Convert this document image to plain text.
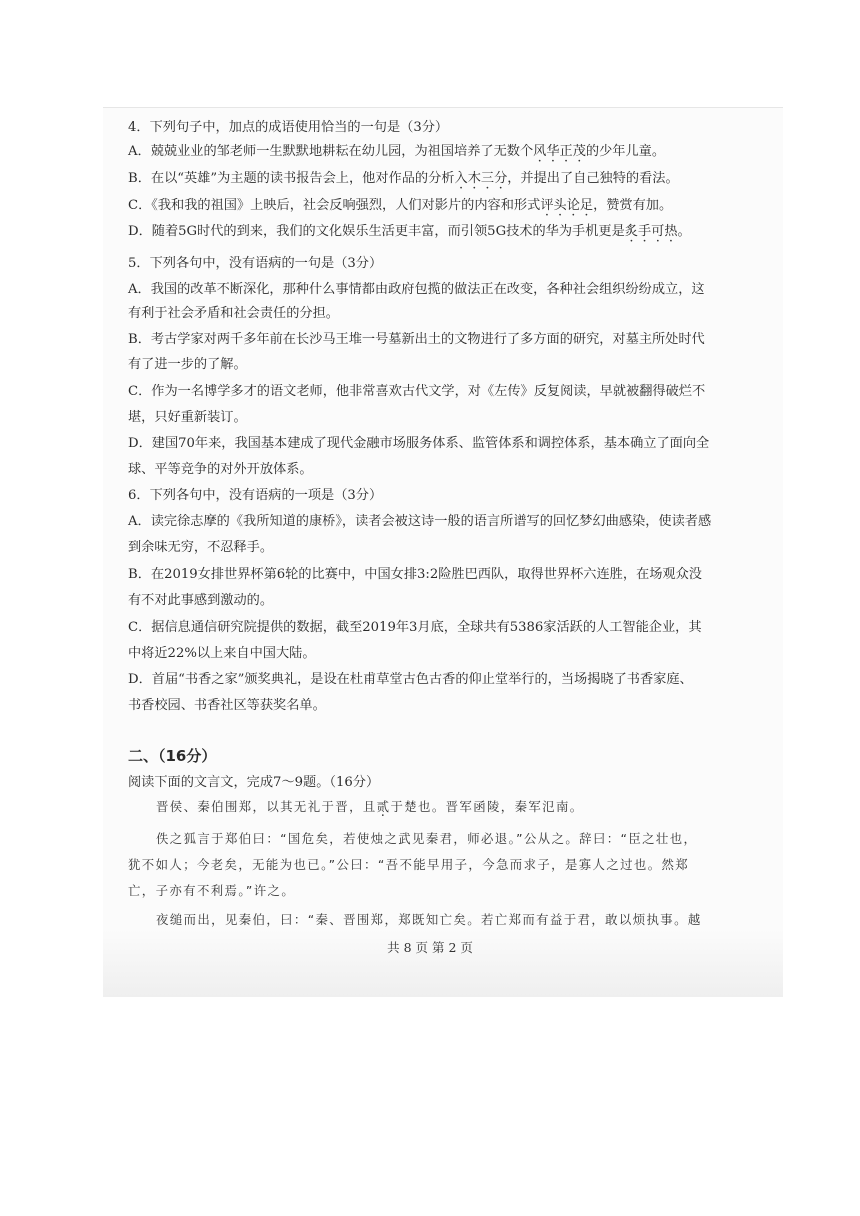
4．下列句子中，加点的成语使用恰当的一句是（3分）
A．兢兢业业的邹老师一生默默地耕耘在幼儿园，为祖国培养了无数个风华正茂的少年儿童。
B．在以“英雄”为主题的读书报告会上，他对作品的分析入木三分，并提出了自己独特的看法。
C．《我和我的祖国》上映后，社会反响强烈，人们对影片的内容和形式评头论足，赞赏有加。
D．随着5G时代的到来，我们的文化娱乐生活更丰富，而引领5G技术的华为手机更是炙手可热。
5．下列各句中，没有语病的一句是（3分）
A．我国的改革不断深化，那种什么事情都由政府包揽的做法正在改变，各种社会组织纷纷成立，这
有利于社会矛盾和社会责任的分担。
B．考古学家对两千多年前在长沙马王堆一号墓新出土的文物进行了多方面的研究，对墓主所处时代
有了进一步的了解。
C．作为一名博学多才的语文老师，他非常喜欢古代文学，对《左传》反复阅读，早就被翻得破烂不
堪，只好重新装订。
D．建国70年来，我国基本建成了现代金融市场服务体系、监管体系和调控体系，基本确立了面向全
球、平等竞争的对外开放体系。
6．下列各句中，没有语病的一项是（3分）
A．读完徐志摩的《我所知道的康桥》，读者会被这诗一般的语言所谱写的回忆梦幻曲感染，使读者感
到余味无穷，不忍释手。
B．在2019女排世界杯第6轮的比赛中，中国女排3:2险胜巴西队，取得世界杯六连胜，在场观众没
有不对此事感到激动的。
C．据信息通信研究院提供的数据，截至2019年3月底，全球共有5386家活跃的人工智能企业，其
中将近22%以上来自中国大陆。
D．首届“书香之家”颁奖典礼，是设在杜甫草堂古色古香的仰止堂举行的，当场揭晓了书香家庭、
书香校园、书香社区等获奖名单。
二、（16分）
阅读下面的文言文，完成7～9题。（16分）
晋侯、秦伯围郑，以其无礼于晋，且贰于楚也。晋军函陵，秦军氾南。
佚之狐言于郑伯曰：“国危矣，若使烛之武见秦君，师必退。”公从之。辞曰：“臣之壮也，
犹不如人；今老矣，无能为也已。”公曰：“吾不能早用子，今急而求子，是寡人之过也。然郑
亡，子亦有不利焉。”许之。
夜缒而出，见秦伯，曰：“秦、晋围郑，郑既知亡矣。若亡郑而有益于君，敢以烦执事。越
共 8 页 第 2 页
